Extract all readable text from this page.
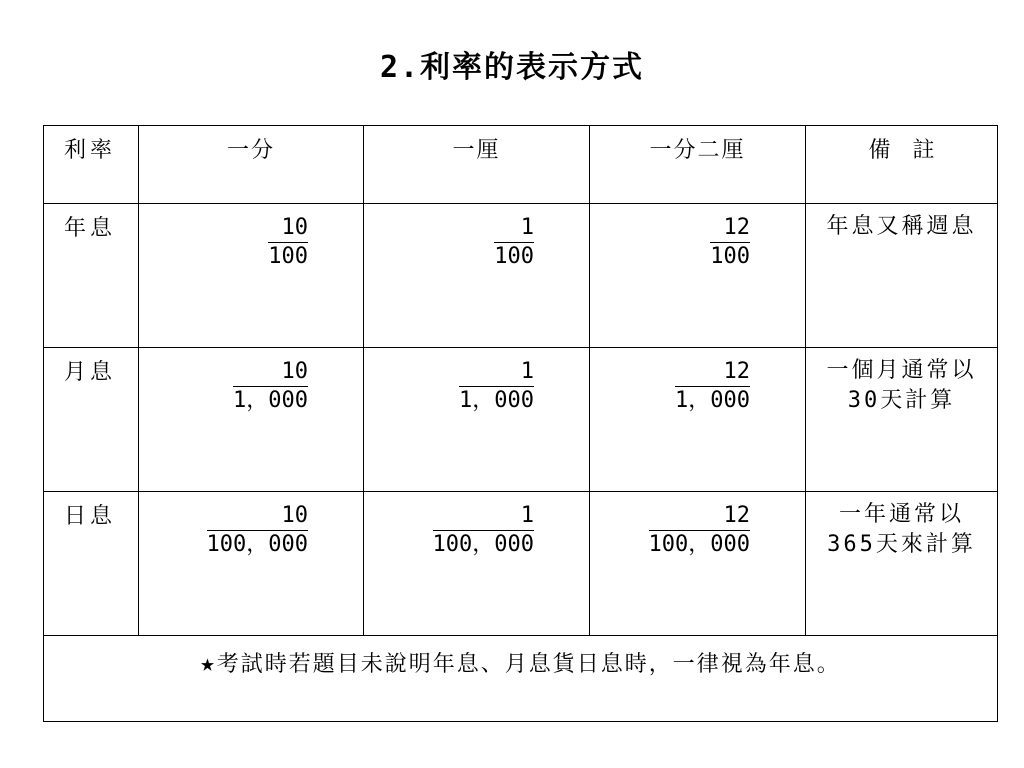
2.利率的表示方式
利率	一分	一厘	一分二厘	備　註

年息	$\frac{10}{100}$	$\frac{1}{100}$	$\frac{12}{100}$	年息又稱週息

月息	$\frac{10}{1,000}$	$\frac{1}{1,000}$	$\frac{12}{1,000}$	一個月通常以30天計算

日息	$\frac{10}{100,000}$	$\frac{1}{100,000}$	$\frac{12}{100,000}$	一年通常以365天來計算

★考試時若題目未說明年息、月息貨日息時，一律視為年息。				
